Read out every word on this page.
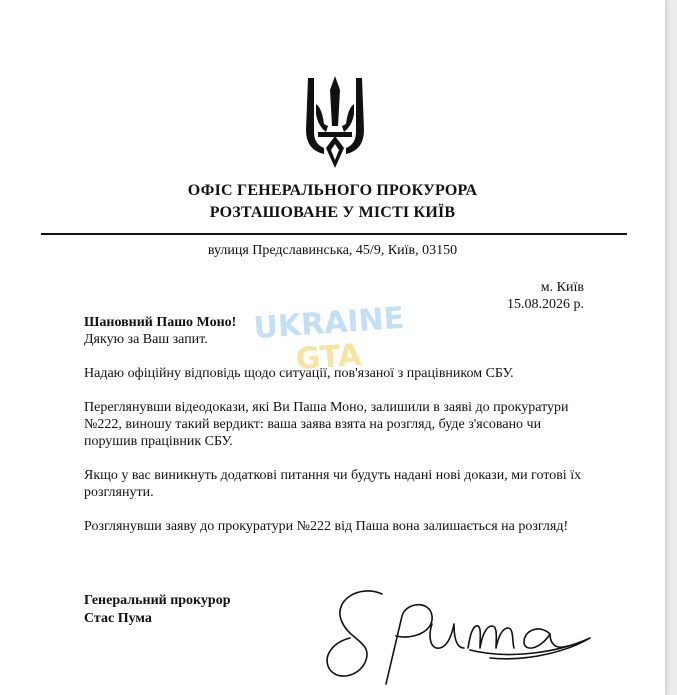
ОФІС ГЕНЕРАЛЬНОГО ПРОКУРОРА
РОЗТАШОВАНЕ У МІСТІ КИЇВ
вулиця Предславинська, 45/9, Київ, 03150
м. Київ
15.08.2026 р.
UKRAINE
GTA

Шановний Пашо Моно!

Дякую за Ваш запит.

Надаю офіційну відповідь щодо ситуації, пов'язаної з працівником СБУ.

Переглянувши відеодокази, які Ви Паша Моно, залишили в заяві до прокуратури №222, виношу такий вердикт: ваша заява взята на розгляд, буде з'ясовано чи порушив працівник СБУ.

Якщо у вас виникнуть додаткові питання чи будуть надані нові докази, ми готові їх розглянути.

Розглянувши заяву до прокуратури №222 від Паша вона залишається на розгляд!

Генеральний прокурор
Стас Пума
